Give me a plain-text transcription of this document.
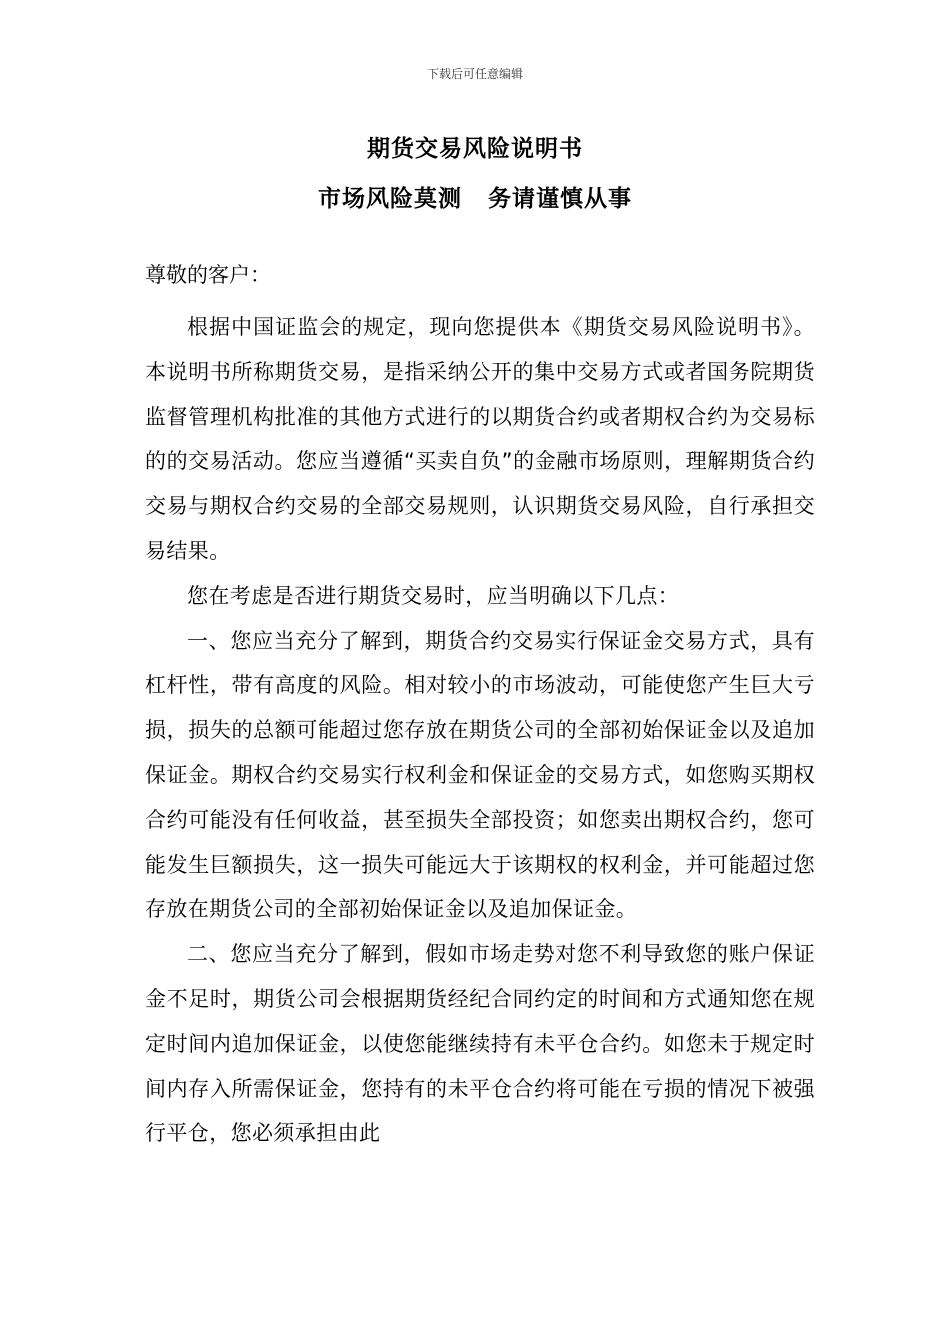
下载后可任意编辑
期货交易风险说明书
市场风险莫测 务请谨慎从事
尊敬的客户：

根据中国证监会的规定，现向您提供本《期货交易风险说明书》。本说明书所称期货交易，是指采纳公开的集中交易方式或者国务院期货监督管理机构批准的其他方式进行的以期货合约或者期权合约为交易标的的交易活动。您应当遵循“买卖自负”的金融市场原则，理解期货合约交易与期权合约交易的全部交易规则，认识期货交易风险，自行承担交易结果。

您在考虑是否进行期货交易时，应当明确以下几点：

一、您应当充分了解到，期货合约交易实行保证金交易方式，具有杠杆性，带有高度的风险。相对较小的市场波动，可能使您产生巨大亏损，损失的总额可能超过您存放在期货公司的全部初始保证金以及追加保证金。期权合约交易实行权利金和保证金的交易方式，如您购买期权合约可能没有任何收益，甚至损失全部投资；如您卖出期权合约，您可能发生巨额损失，这一损失可能远大于该期权的权利金，并可能超过您存放在期货公司的全部初始保证金以及追加保证金。

二、您应当充分了解到，假如市场走势对您不利导致您的账户保证金不足时，期货公司会根据期货经纪合同约定的时间和方式通知您在规定时间内追加保证金，以使您能继续持有未平仓合约。如您未于规定时间内存入所需保证金，您持有的未平仓合约将可能在亏损的情况下被强行平仓，您必须承担由此
